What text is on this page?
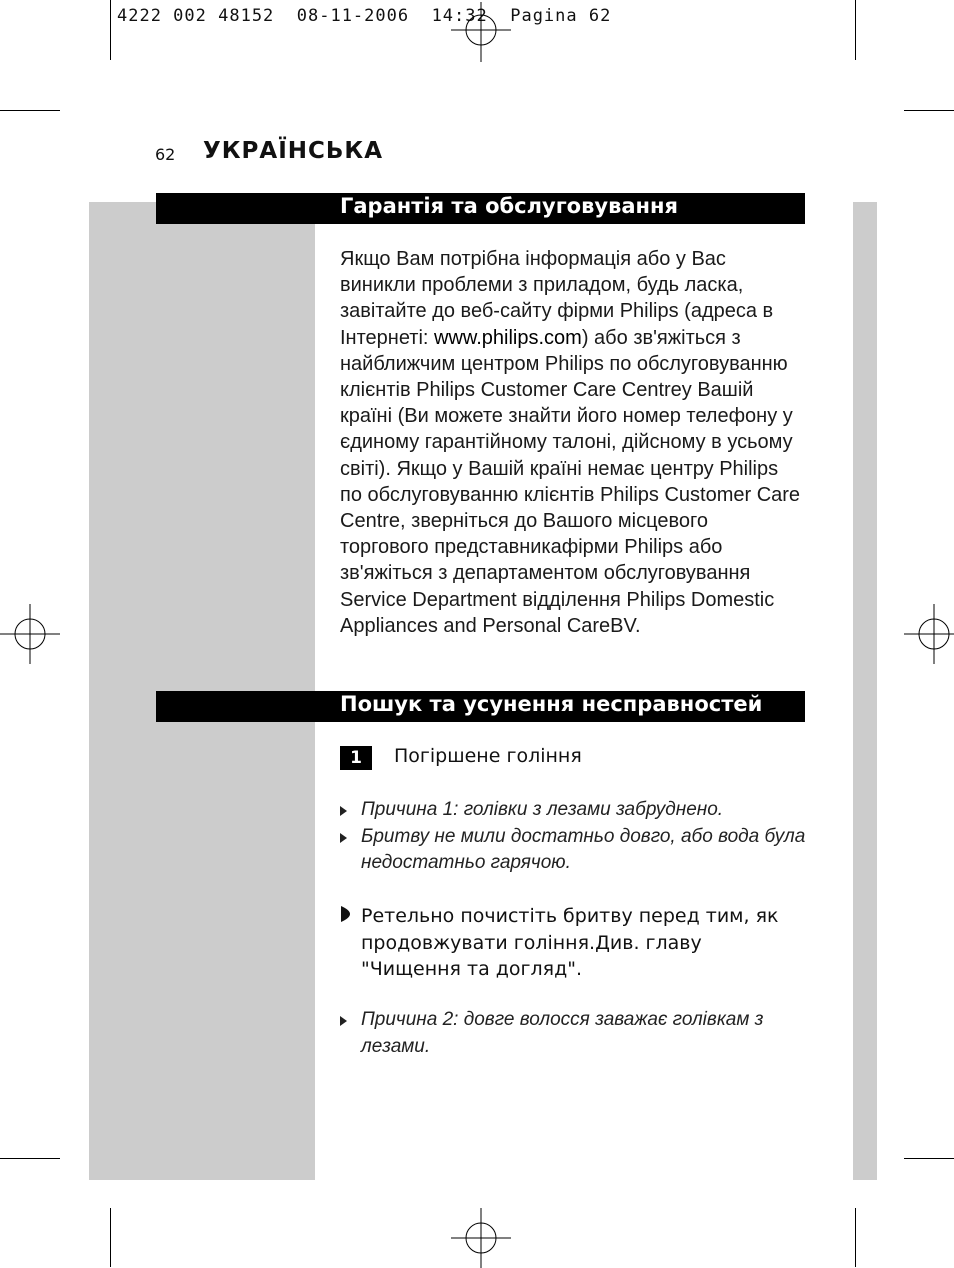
4222 002 48152  08-11-2006  14:32  Pagina 62
62 УКРАЇНСЬКА
Гарантія та обслуговування
Якщо Вам потрібна інформація або у Вас виникли проблеми з приладом, будь ласка, завітайте до веб-сайту фірми Philips (адреса в Інтернеті: www.philips.com) або зв'яжіться з найближчим центром Philips по обслуговуванню клієнтів Philips Customer Care Centrey Вашій країні (Ви можете знайти його номер телефону у єдиному гарантійному талоні, дійсному в усьому світі). Якщо у Вашій країні немає центру Philips по обслуговуванню клієнтів Philips Customer Care Centre, зверніться до Вашого місцевого торгового представникафірми Philips або зв'яжіться з департаментом обслуговування Service Department відділення Philips Domestic Appliances and Personal CareBV.
Пошук та усунення несправностей
1	Погіршене гоління
Причина 1: голівки з лезами забруднено.
Бритву не мили достатньо довго, або вода була недостатньо гарячою.
Ретельно почистіть бритву перед тим, як продовжувати гоління.Див. главу "Чищення та догляд".
Причина 2: довге волосся заважає голівкам з лезами.
